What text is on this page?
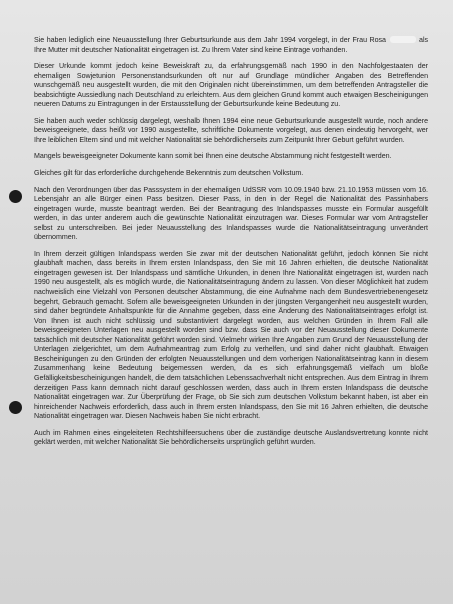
Sie haben lediglich eine Neuausstellung Ihrer Geburtsurkunde aus dem Jahr 1994 vorgelegt, in der Frau Rosa	als Ihre Mutter mit deutscher Nationalität eingetragen ist. Zu Ihrem Vater sind keine Eintrage vorhanden.

Dieser Urkunde kommt jedoch keine Beweiskraft zu, da erfahrungsgemäß nach 1990 in den Nachfolgestaaten der ehemaligen Sowjetunion Personenstandsurkunden oft nur auf Grundlage mündlicher Angaben des Betreffenden wunschgemäß neu ausgestellt wurden, die mit den Originalen nicht übereinstimmen, um dem betreffenden Antragsteller die beabsichtigte Aussiedlung nach Deutschland zu erleichtern. Aus dem gleichen Grund kommt auch etwaigen Bescheinigungen neueren Datums zu Eintragungen in der Erstausstellung der Geburtsurkunde keine Bedeutung zu.

Sie haben auch weder schlüssig dargelegt, weshalb Ihnen 1994 eine neue Geburtsurkunde ausgestellt wurde, noch andere beweisgeeignete, dass heißt vor 1990 ausgestellte, schriftliche Dokumente vorgelegt, aus denen eindeutig hervorgeht, wer Ihre leiblichen Eltern sind und mit welcher Nationalität sie behördlicherseits zum Zeitpunkt Ihrer Geburt geführt wurden.

Mangels beweisgeeigneter Dokumente kann somit bei Ihnen eine deutsche Abstammung nicht festgestellt werden.

Gleiches gilt für das erforderliche durchgehende Bekenntnis zum deutschen Volkstum.

Nach den Verordnungen über das Passsystem in der ehemaligen UdSSR vom 10.09.1940 bzw. 21.10.1953 müssen vom 16. Lebensjahr an alle Bürger einen Pass besitzen. Dieser Pass, in den in der Regel die Nationalität des Passinhabers eingetragen wurde, musste beantragt werden. Bei der Beantragung des Inlandspasses musste ein Formular ausgefüllt werden, in das unter anderem auch die gewünschte Nationalität einzutragen war. Dieses Formular war vom Antragsteller selbst zu unterschreiben. Bei jeder Neuausstellung des Inlandspasses wurde die Nationalitätseintragung unverändert übernommen.

In Ihrem derzeit gültigen Inlandspass werden Sie zwar mit der deutschen Nationalität geführt, jedoch können Sie nicht glaubhaft machen, dass bereits in Ihrem ersten Inlandspass, den Sie mit 16 Jahren erhielten, die deutsche Nationalität eingetragen gewesen ist. Der Inlandspass und sämtliche Urkunden, in denen Ihre Nationalität eingetragen ist, wurden nach 1990 neu ausgestellt, als es möglich wurde, die Nationalitätseintragung ändern zu lassen. Von dieser Möglichkeit hat zudem nachweislich eine Vielzahl von Personen deutscher Abstammung, die eine Aufnahme nach dem Bundesvertriebenengesetz begehrt, Gebrauch gemacht. Sofern alle beweisgeeigneten Urkunden in der jüngsten Vergangenheit neu ausgestellt wurden, sind daher begründete Anhaltspunkte für die Annahme gegeben, dass eine Änderung des Nationalitätseintrages erfolgt ist. Von Ihnen ist auch nicht schlüssig und substantiviert dargelegt worden, aus welchen Gründen in Ihrem Fall alle beweisgeeigneten Unterlagen neu ausgestellt worden sind bzw. dass Sie auch vor der Neuausstellung dieser Dokumente tatsächlich mit deutscher Nationalität geführt worden sind. Vielmehr wirken Ihre Angaben zum Grund der Neuausstellung der Unterlagen zielgerichtet, um dem Aufnahmeantrag zum Erfolg zu verhelfen, und sind daher nicht glaubhaft. Etwaigen Bescheinigungen zu den Gründen der erfolgten Neuausstellungen und dem vorherigen Nationalitätseintrag kann in diesem Zusammenhang keine Bedeutung beigemessen werden, da es sich erfahrungsgemäß vielfach um bloße Gefälligkeitsbescheinigungen handelt, die dem tatsächlichen Lebenssachverhalt nicht entsprechen. Aus dem Eintrag in Ihrem derzeitigen Pass kann demnach nicht darauf geschlossen werden, dass auch in Ihrem ersten Inlandspass die deutsche Nationalität eingetragen war. Zur Überprüfung der Frage, ob Sie sich zum deutschen Volkstum bekannt haben, ist aber ein hinreichender Nachweis erforderlich, dass auch in Ihrem ersten Inlandspass, den Sie mit 16 Jahren erhielten, die deutsche Nationalität eingetragen war. Diesen Nachweis haben Sie nicht erbracht.

Auch im Rahmen eines eingeleiteten Rechtshilfeersuchens über die zuständige deutsche Auslandsvertretung konnte nicht geklärt werden, mit welcher Nationalität Sie behördlicherseits ursprünglich geführt wurden.
